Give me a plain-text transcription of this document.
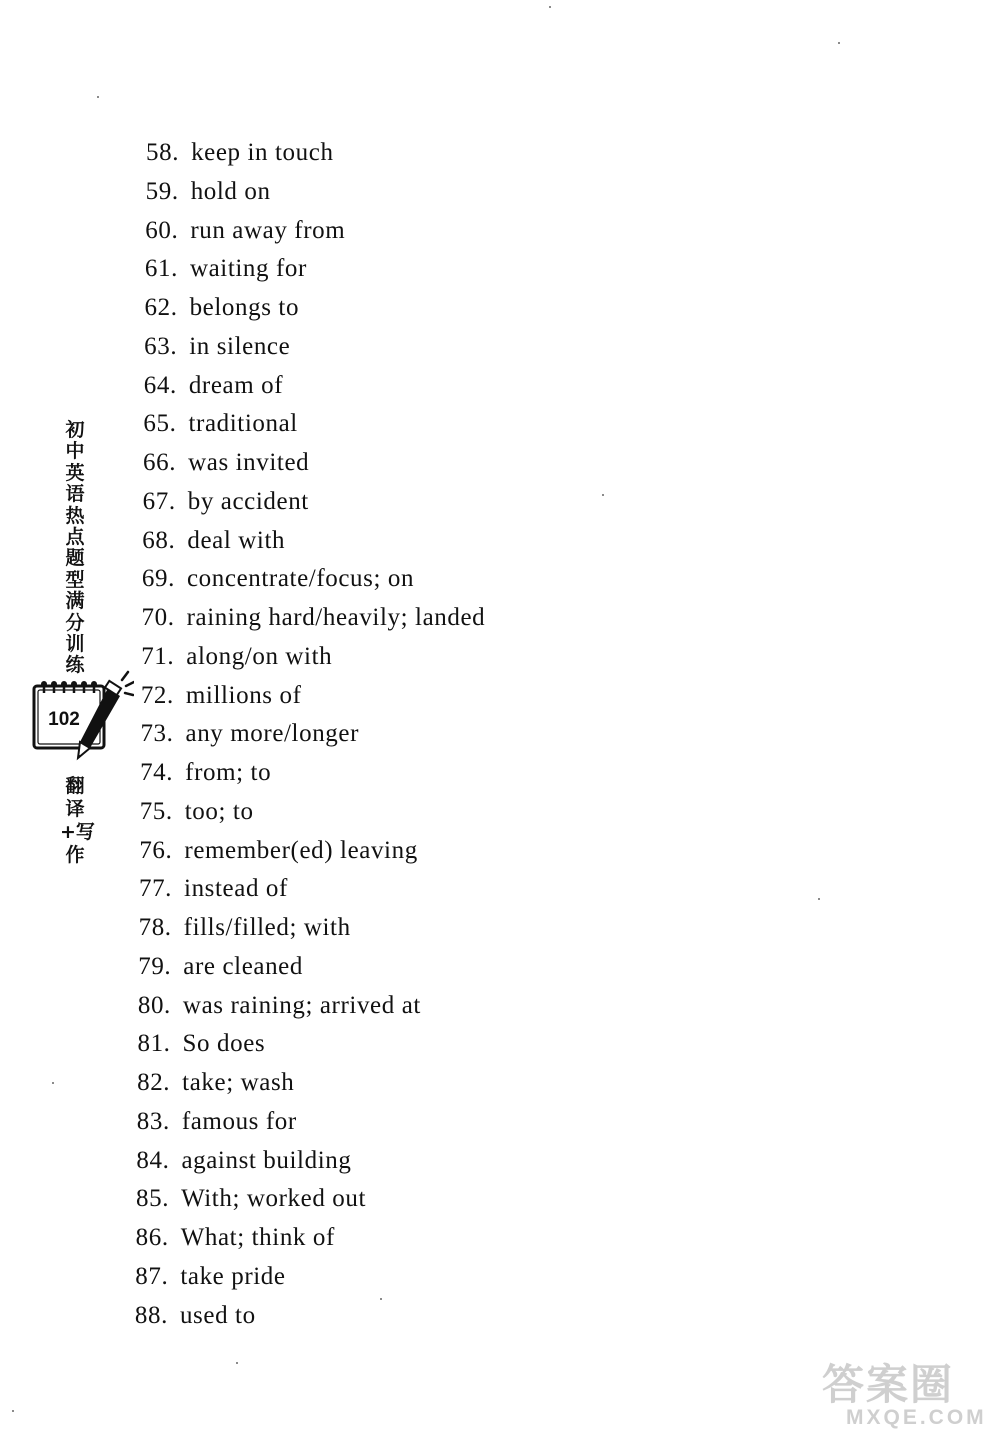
58. keep in touch
59. hold on
60. run away from
61. waiting for
62. belongs to
63. in silence
64. dream of
65. traditional
66. was invited
67. by accident
68. deal with
69. concentrate/focus; on
70. raining hard/heavily; landed
71. along/on with
72. millions of
73. any more/longer
74. from; to
75. too; to
76. remember(ed) leaving
77. instead of
78. fills/filled; with
79. are cleaned
80. was raining; arrived at
81. So does
82. take; wash
83. famous for
84. against building
85. With; worked out
86. What; think of
87. take pride
88. used to
初中英语热点题型满分训练
102
翻译+写作
答案圈
MXQE.COM
